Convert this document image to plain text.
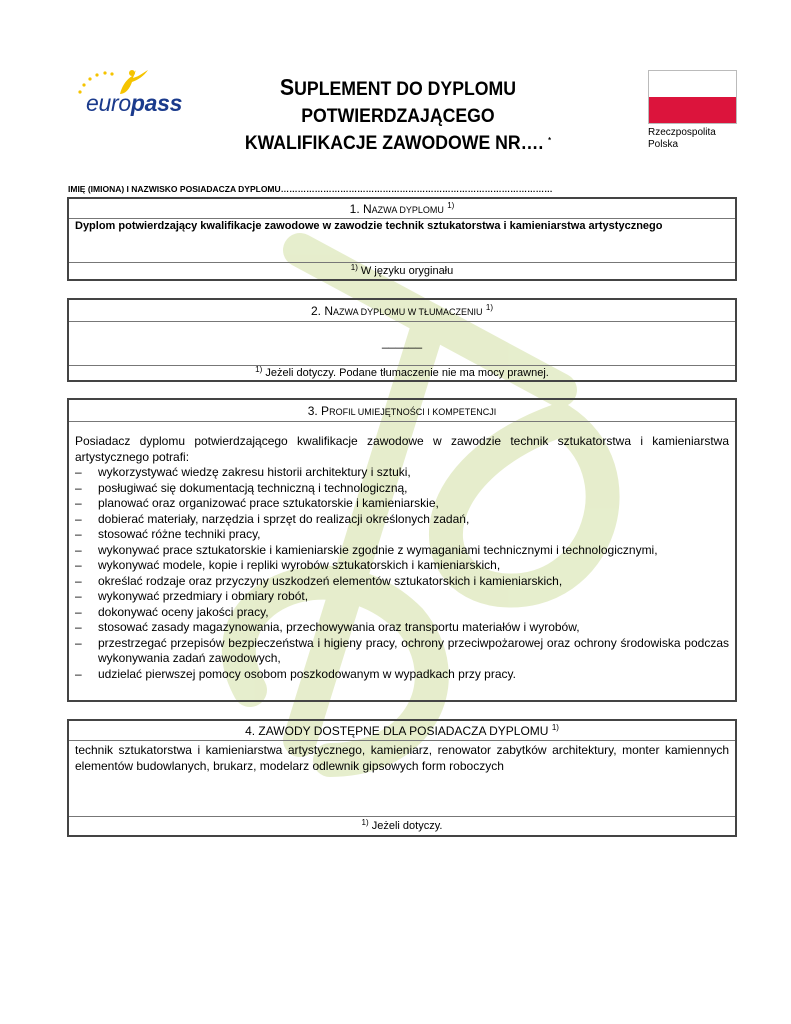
europass
SUPLEMENT DO DYPLOMU POTWIERDZAJĄCEGO
KWALIFIKACJE ZAWODOWE NR…. *
Rzeczpospolita
Polska
IMIĘ (IMIONA) I NAZWISKO POSIADACZA DYPLOMU……………………………………………………………………………………
1. NAZWA DYPLOMU $^{1)}$
Dyplom potwierdzający kwalifikacje zawodowe w zawodzie technik sztukatorstwa i kamieniarstwa artystycznego
$^{1)}$ W języku oryginału
2. NAZWA DYPLOMU W TŁUMACZENIU $^{1)}$
______
$^{1)}$ Jeżeli dotyczy. Podane tłumaczenie nie ma mocy prawnej.
3. PROFIL UMIEJĘTNOŚCI I KOMPETENCJI
Posiadacz dyplomu potwierdzającego kwalifikacje zawodowe w zawodzie technik sztukatorstwa i kamieniarstwa artystycznego potrafi:
– wykorzystywać wiedzę zakresu historii architektury i sztuki,
– posługiwać się dokumentacją techniczną i technologiczną,
– planować oraz organizować prace sztukatorskie i kamieniarskie,
– dobierać materiały, narzędzia i sprzęt do realizacji określonych zadań,
– stosować różne techniki pracy,
– wykonywać prace sztukatorskie i kamieniarskie zgodnie z wymaganiami technicznymi i technologicznymi,
– wykonywać modele, kopie i repliki wyrobów sztukatorskich i kamieniarskich,
– określać rodzaje oraz przyczyny uszkodzeń elementów sztukatorskich i kamieniarskich,
– wykonywać przedmiary i obmiary robót,
– dokonywać oceny jakości pracy,
– stosować zasady magazynowania, przechowywania oraz transportu materiałów i wyrobów,
– przestrzegać przepisów bezpieczeństwa i higieny pracy, ochrony przeciwpożarowej oraz ochrony środowiska podczas wykonywania zadań zawodowych,
– udzielać pierwszej pomocy osobom poszkodowanym w wypadkach przy pracy.
4. ZAWODY DOSTĘPNE DLA POSIADACZA DYPLOMU $^{1)}$
technik sztukatorstwa i kamieniarstwa artystycznego, kamieniarz, renowator zabytków architektury, monter kamiennych elementów budowlanych, brukarz, modelarz odlewnik gipsowych form roboczych
$^{1)}$ Jeżeli dotyczy.
